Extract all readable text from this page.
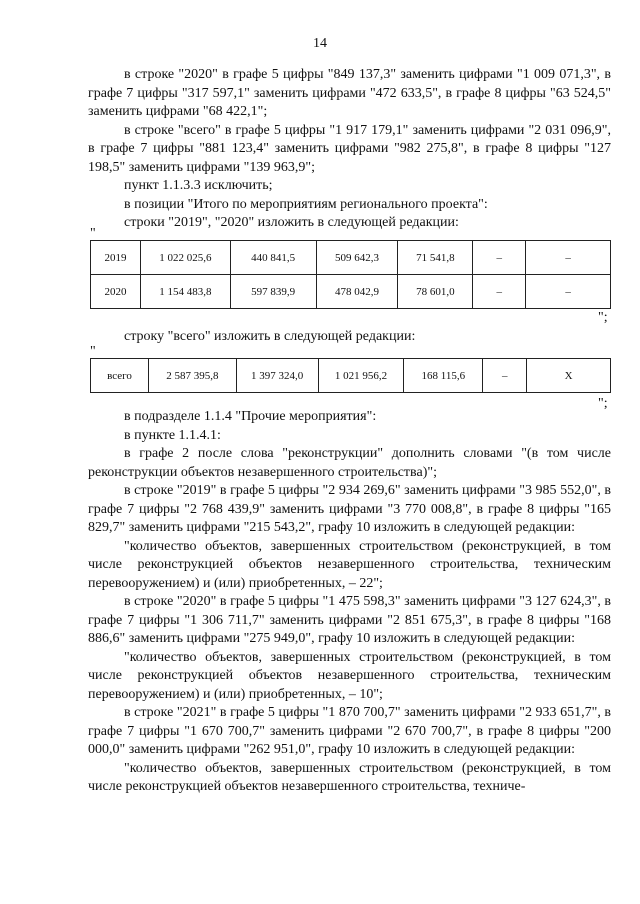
14

в строке "2020" в графе 5 цифры "849 137,3" заменить цифрами "1 009 071,3", в графе 7 цифры "317 597,1" заменить цифрами "472 633,5", в графе 8 цифры "63 524,5" заменить цифрами "68 422,1";

в строке "всего" в графе 5 цифры "1 917 179,1" заменить цифрами "2 031 096,9", в графе 7 цифры "881 123,4" заменить цифрами "982 275,8", в графе 8 цифры "127 198,5" заменить цифрами "139 963,9";

пункт 1.1.3.3 исключить;

в позиции "Итого по мероприятиям регионального проекта":

строки "2019", "2020" изложить в следующей редакции:

"
2019	1 022 025,6	440 841,5	509 642,3	71 541,8	–	–
2020	1 154 483,8	597 839,9	478 042,9	78 601,0	–	–
";

строку "всего" изложить в следующей редакции:

"
всего	2 587 395,8	1 397 324,0	1 021 956,2	168 115,6	–	Х
";

в подразделе 1.1.4 "Прочие мероприятия":

в пункте 1.1.4.1:

в графе 2 после слова "реконструкции" дополнить словами "(в том числе реконструкции объектов незавершенного строительства)";

в строке "2019" в графе 5 цифры "2 934 269,6" заменить цифрами "3 985 552,0", в графе 7 цифры "2 768 439,9" заменить цифрами "3 770 008,8", в графе 8 цифры "165 829,7" заменить цифрами "215 543,2", графу 10 изложить в следующей редакции:

"количество объектов, завершенных строительством (реконструкцией, в том числе реконструкцией объектов незавершенного строительства, техническим перевооружением) и (или) приобретенных, – 22";

в строке "2020" в графе 5 цифры "1 475 598,3" заменить цифрами "3 127 624,3", в графе 7 цифры "1 306 711,7" заменить цифрами "2 851 675,3", в графе 8 цифры "168 886,6" заменить цифрами "275 949,0", графу 10 изложить в следующей редакции:

"количество объектов, завершенных строительством (реконструкцией, в том числе реконструкцией объектов незавершенного строительства, техническим перевооружением) и (или) приобретенных, – 10";

в строке "2021" в графе 5 цифры "1 870 700,7" заменить цифрами "2 933 651,7", в графе 7 цифры "1 670 700,7" заменить цифрами "2 670 700,7", в графе 8 цифры "200 000,0" заменить цифрами "262 951,0", графу 10 изложить в следующей редакции:

"количество объектов, завершенных строительством (реконструкцией, в том числе реконструкцией объектов незавершенного строительства, техниче-
